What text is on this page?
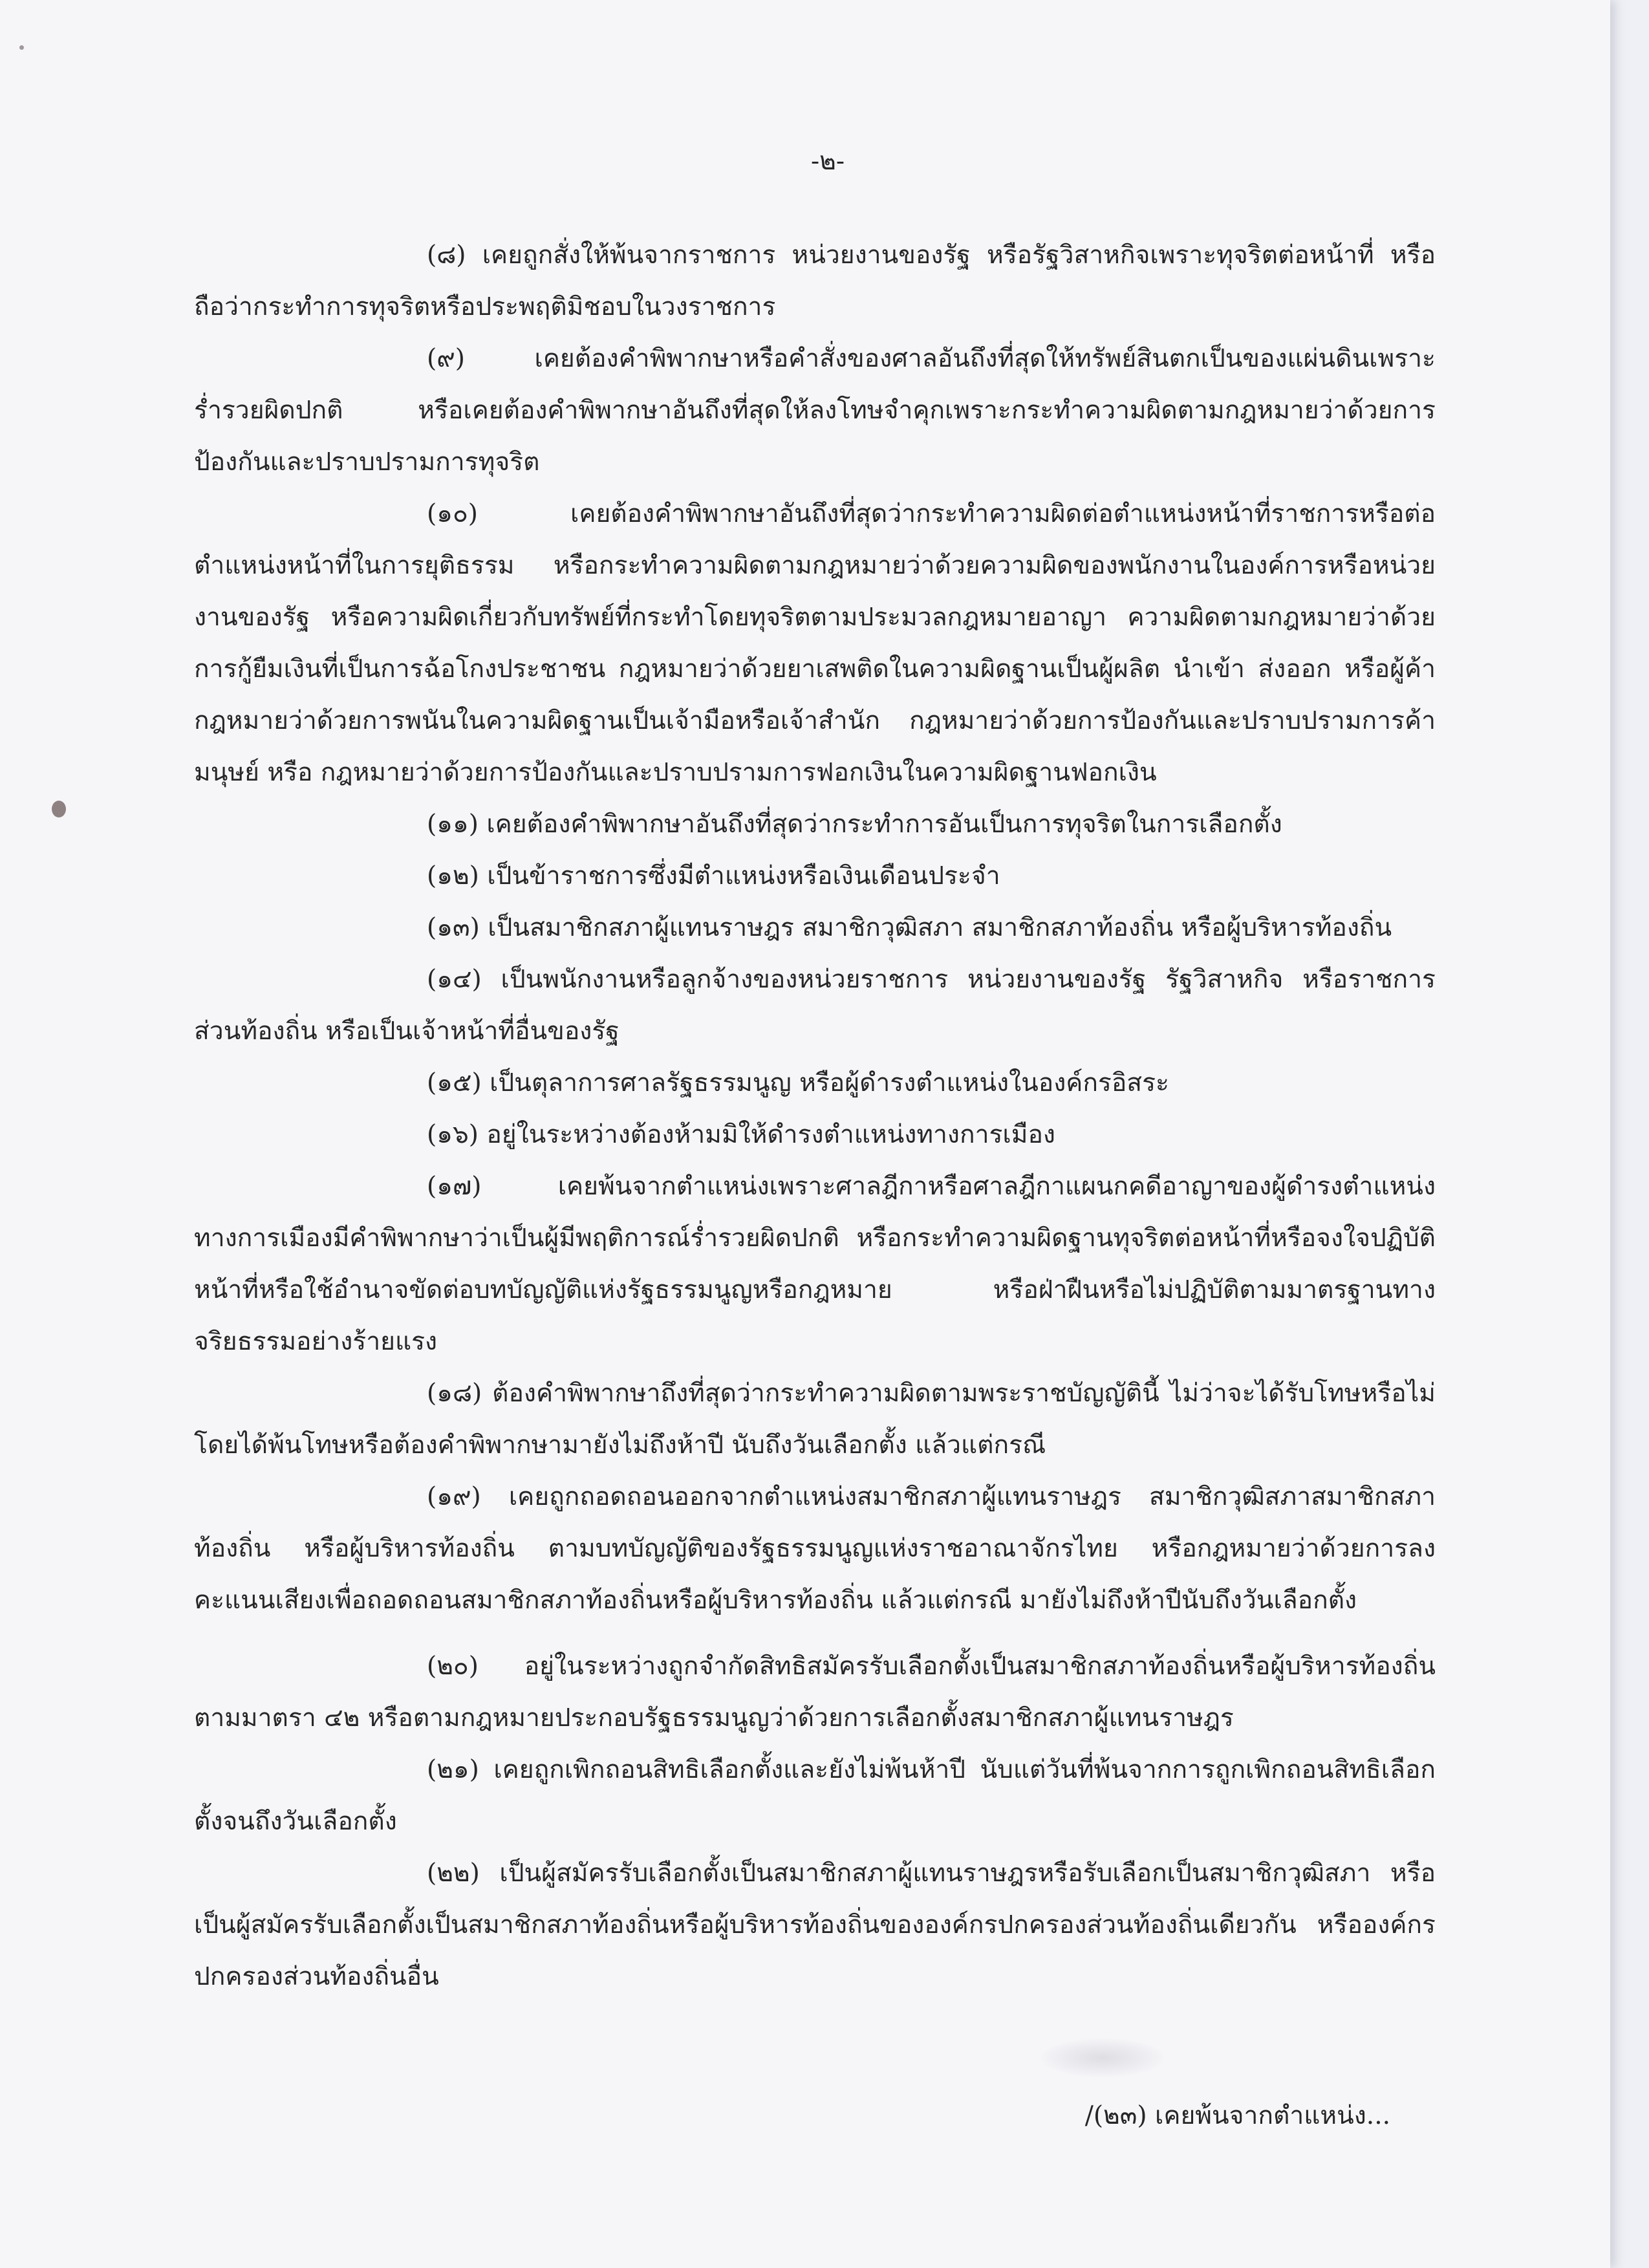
-๒-

(๘) เคยถูกสั่งให้พ้นจากราชการ หน่วยงานของรัฐ หรือรัฐวิสาหกิจเพราะทุจริตต่อหน้าที่ หรือถือว่ากระทำการทุจริตหรือประพฤติมิชอบในวงราชการ

(๙) เคยต้องคำพิพากษาหรือคำสั่งของศาลอันถึงที่สุดให้ทรัพย์สินตกเป็นของแผ่นดินเพราะร่ำรวยผิดปกติ หรือเคยต้องคำพิพากษาอันถึงที่สุดให้ลงโทษจำคุกเพราะกระทำความผิดตามกฎหมายว่าด้วยการป้องกันและปราบปรามการทุจริต

(๑๐) เคยต้องคำพิพากษาอันถึงที่สุดว่ากระทำความผิดต่อตำแหน่งหน้าที่ราชการหรือต่อตำแหน่งหน้าที่ในการยุติธรรม หรือกระทำความผิดตามกฎหมายว่าด้วยความผิดของพนักงานในองค์การหรือหน่วยงานของรัฐ หรือความผิดเกี่ยวกับทรัพย์ที่กระทำโดยทุจริตตามประมวลกฎหมายอาญา ความผิดตามกฎหมายว่าด้วยการกู้ยืมเงินที่เป็นการฉ้อโกงประชาชน กฎหมายว่าด้วยยาเสพติดในความผิดฐานเป็นผู้ผลิต นำเข้า ส่งออก หรือผู้ค้า กฎหมายว่าด้วยการพนันในความผิดฐานเป็นเจ้ามือหรือเจ้าสำนัก กฎหมายว่าด้วยการป้องกันและปราบปรามการค้ามนุษย์ หรือ กฎหมายว่าด้วยการป้องกันและปราบปรามการฟอกเงินในความผิดฐานฟอกเงิน

(๑๑) เคยต้องคำพิพากษาอันถึงที่สุดว่ากระทำการอันเป็นการทุจริตในการเลือกตั้ง

(๑๒) เป็นข้าราชการซึ่งมีตำแหน่งหรือเงินเดือนประจำ

(๑๓) เป็นสมาชิกสภาผู้แทนราษฎร สมาชิกวุฒิสภา สมาชิกสภาท้องถิ่น หรือผู้บริหารท้องถิ่น

(๑๔) เป็นพนักงานหรือลูกจ้างของหน่วยราชการ หน่วยงานของรัฐ รัฐวิสาหกิจ หรือราชการส่วนท้องถิ่น หรือเป็นเจ้าหน้าที่อื่นของรัฐ

(๑๕) เป็นตุลาการศาลรัฐธรรมนูญ หรือผู้ดำรงตำแหน่งในองค์กรอิสระ

(๑๖) อยู่ในระหว่างต้องห้ามมิให้ดำรงตำแหน่งทางการเมือง

(๑๗) เคยพ้นจากตำแหน่งเพราะศาลฎีกาหรือศาลฎีกาแผนกคดีอาญาของผู้ดำรงตำแหน่งทางการเมืองมีคำพิพากษาว่าเป็นผู้มีพฤติการณ์ร่ำรวยผิดปกติ หรือกระทำความผิดฐานทุจริตต่อหน้าที่หรือจงใจปฏิบัติหน้าที่หรือใช้อำนาจขัดต่อบทบัญญัติแห่งรัฐธรรมนูญหรือกฎหมาย หรือฝ่าฝืนหรือไม่ปฏิบัติตามมาตรฐานทางจริยธรรมอย่างร้ายแรง

(๑๘) ต้องคำพิพากษาถึงที่สุดว่ากระทำความผิดตามพระราชบัญญัตินี้ ไม่ว่าจะได้รับโทษหรือไม่ โดยได้พ้นโทษหรือต้องคำพิพากษามายังไม่ถึงห้าปี นับถึงวันเลือกตั้ง แล้วแต่กรณี

(๑๙) เคยถูกถอดถอนออกจากตำแหน่งสมาชิกสภาผู้แทนราษฎร สมาชิกวุฒิสภาสมาชิกสภาท้องถิ่น หรือผู้บริหารท้องถิ่น ตามบทบัญญัติของรัฐธรรมนูญแห่งราชอาณาจักรไทย หรือกฎหมายว่าด้วยการลงคะแนนเสียงเพื่อถอดถอนสมาชิกสภาท้องถิ่นหรือผู้บริหารท้องถิ่น แล้วแต่กรณี มายังไม่ถึงห้าปีนับถึงวันเลือกตั้ง

(๒๐) อยู่ในระหว่างถูกจำกัดสิทธิสมัครรับเลือกตั้งเป็นสมาชิกสภาท้องถิ่นหรือผู้บริหารท้องถิ่น ตามมาตรา ๔๒ หรือตามกฎหมายประกอบรัฐธรรมนูญว่าด้วยการเลือกตั้งสมาชิกสภาผู้แทนราษฎร

(๒๑) เคยถูกเพิกถอนสิทธิเลือกตั้งและยังไม่พ้นห้าปี นับแต่วันที่พ้นจากการถูกเพิกถอนสิทธิเลือกตั้งจนถึงวันเลือกตั้ง

(๒๒) เป็นผู้สมัครรับเลือกตั้งเป็นสมาชิกสภาผู้แทนราษฎรหรือรับเลือกเป็นสมาชิกวุฒิสภา หรือเป็นผู้สมัครรับเลือกตั้งเป็นสมาชิกสภาท้องถิ่นหรือผู้บริหารท้องถิ่นขององค์กรปกครองส่วนท้องถิ่นเดียวกัน หรือองค์กรปกครองส่วนท้องถิ่นอื่น

/(๒๓) เคยพ้นจากตำแหน่ง...
